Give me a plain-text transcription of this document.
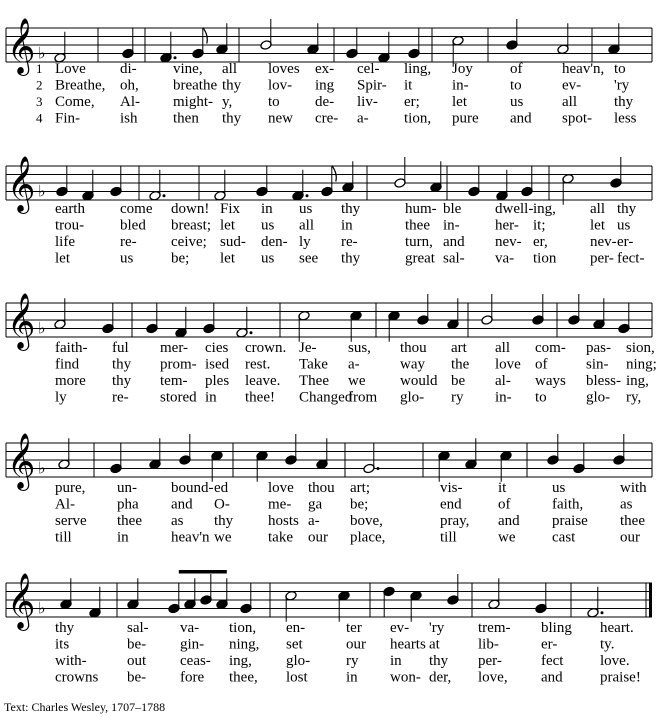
𝄞 ♭
1 Love di- vine, all loves ex- cel- ling, Joy of	heav'n, to
2 Breathe, oh, breathe thy lov- ing Spir- it	in-	to	ev- 'ry
3 Come, Al- might- y, to de- liv- er; let	us	all thy
4 Fin-	ish then thy new cre- a- tion, pure and spot- less
𝄞 ♭
earth come down! Fix in us thy	hum- ble dwell- ing, all thy
trou- bled breast; let us all in	thee in- her- it;	let us
life	re- ceive; sud- den- ly re-	turn, and nev- er,	nev- er-
let	us	be; let us see thy	great sal- va- tion per- fect-
𝄞 ♭
faith- ful mer- cies crown. Je- sus, thou art all com- pas- sion,
find thy prom- ised rest. Take a-	way the love of	sin- ning;
more thy tem- ples leave. Thee we would be al- ways bless- ing,
ly	re- stored in thee! Changed
from glo- ry in- to	glo- ry,
𝄞 ♭
pure, un- bound- ed	love thou art;	vis- it	us	with
Al-	pha and O-	me- ga be;	end of	faith, as
serve thee as thy hosts a- bove,	pray, and praise thee
till	in	heav'n we take our place,	till	we cast	our
𝄞 ♭
thy	sal- va- tion, en-	ter ev- 'ry trem- bling heart.
its	be- gin- ning, set	our hearts at	lib-	er-	ty.
with-	out ceas- ing, glo- ry in thy per-	fect love.
crowns be- fore thee, lost	in won- der, love, and praise!
Text: Charles Wesley, 1707–1788
